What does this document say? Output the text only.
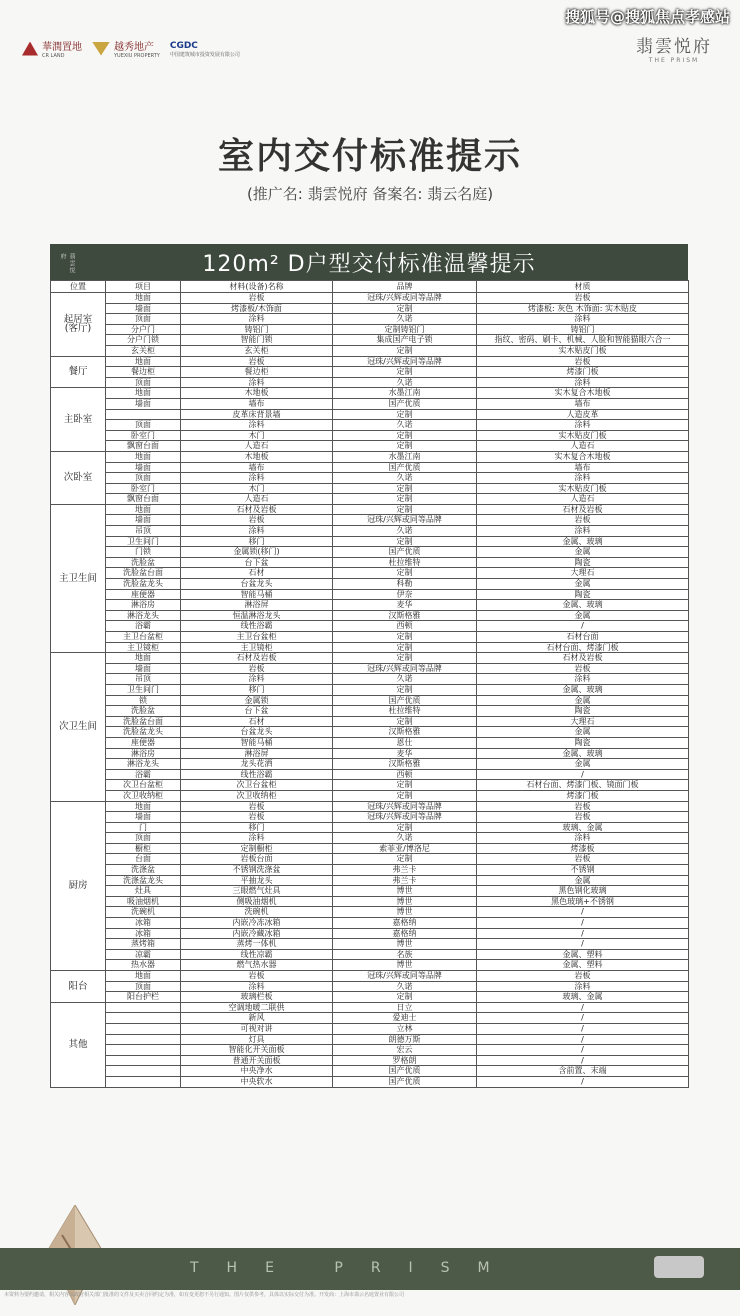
搜狐号@搜狐焦点孝感站
華潤置地
CR LAND
越秀地产
YUEXIU PROPERTY
CGDC
中国建筑城市投资发展有限公司	翡雲悦府
THE PRISM
室内交付标准提示
(推广名: 翡雲悦府 备案名: 翡云名庭)
翡雲悦府	120m² D户型交付标准温馨提示
位置	项目	材料(设备)名称	品牌	材质
起居室
(客厅)	地面	岩板	冠珠/兴辉或同等品牌	岩板
	墙面	烤漆板/木饰面	定制	烤漆板: 灰色 木饰面: 实木贴皮
	顶面	涂料	久诺	涂料
	分户门	铸铝门	定制铸铝门	铸铝门
	分户门锁	智能门锁	集成国产电子锁	指纹、密码、刷卡、机械、人脸和智能猫眼六合一
	玄关柜	玄关柜	定制	实木贴皮门板
餐厅	地面	岩板	冠珠/兴辉或同等品牌	岩板
	餐边柜	餐边柜	定制	烤漆门板
	顶面	涂料	久诺	涂料
主卧室	地面	木地板	水墨江南	实木复合木地板
	墙面	墙布	国产优质	墙布
		皮革床背景墙	定制	人造皮革
	顶面	涂料	久诺	涂料
	卧室门	木门	定制	实木贴皮门板
	飘窗台面	人造石	定制	人造石
次卧室	地面	木地板	水墨江南	实木复合木地板
	墙面	墙布	国产优质	墙布
	顶面	涂料	久诺	涂料
	卧室门	木门	定制	实木贴皮门板
	飘窗台面	人造石	定制	人造石
主卫生间	地面	石材及岩板	定制	石材及岩板
	墙面	岩板	冠珠/兴辉或同等品牌	岩板
	吊顶	涂料	久诺	涂料
	卫生间门	移门	定制	金属、玻璃
	门锁	金属锁(移门)	国产优质	金属
	洗脸盆	台下盆	杜拉维特	陶瓷
	洗脸盆台面	石材	定制	大理石
	洗脸盆龙头	台盆龙头	科勒	金属
	座便器	智能马桶	伊奈	陶瓷
	淋浴房	淋浴屏	麦华	金属、玻璃
	淋浴龙头	恒温淋浴龙头	汉斯格雅	金属
	浴霸	线性浴霸	西顿	/
	主卫台盆柜	主卫台盆柜	定制	石材台面
	主卫镜柜	主卫镜柜	定制	石材台面、烤漆门板
次卫生间	地面	石材及岩板	定制	石材及岩板
	墙面	岩板	冠珠/兴辉或同等品牌	岩板
	吊顶	涂料	久诺	涂料
	卫生间门	移门	定制	金属、玻璃
	锁	金属锁	国产优质	金属
	洗脸盆	台下盆	杜拉维特	陶瓷
	洗脸盆台面	石材	定制	大理石
	洗脸盆龙头	台盆龙头	汉斯格雅	金属
	座便器	智能马桶	恩仕	陶瓷
	淋浴房	淋浴屏	麦华	金属、玻璃
	淋浴龙头	龙头花洒	汉斯格雅	金属
	浴霸	线性浴霸	西顿	/
	次卫台盆柜	次卫台盆柜	定制	石材台面、烤漆门板、镜面门板
	次卫收纳柜	次卫收纳柜	定制	烤漆门板
厨房	地面	岩板	冠珠/兴辉或同等品牌	岩板
	墙面	岩板	冠珠/兴辉或同等品牌	岩板
	门	移门	定制	玻璃、金属
	顶面	涂料	久诺	涂料
	橱柜	定制橱柜	索菲亚/博洛尼	烤漆板
	台面	岩板台面	定制	岩板
	洗涤盆	不锈钢洗涤盆	弗兰卡	不锈钢
	洗涤盆龙头	平抽龙头	弗兰卡	金属
	灶具	三眼燃气灶具	博世	黑色钢化玻璃
	吸油烟机	侧吸油烟机	博世	黑色玻璃+不锈钢
	洗碗机	洗碗机	博世	/
	冰箱	内嵌冷冻冰箱	嘉格纳	/
	冰箱	内嵌冷藏冰箱	嘉格纳	/
	蒸烤箱	蒸烤一体机	博世	/
	凉霸	线性凉霸	名族	金属、塑料
	热水器	燃气热水器	博世	金属、塑料
阳台	地面	岩板	冠珠/兴辉或同等品牌	岩板
	顶面	涂料	久诺	涂料
	阳台护栏	玻璃栏板	定制	玻璃、金属
其他		空调地暖二联供	日立	/
		新风	爱迪士	/
		可视对讲	立林	/
		灯具	朗德万斯	/
		智能化开关面板	宏云	/
		普通开关面板	罗格朗	/
		中央净水	国产优质	含前置、末端
		中央软水	国产优质	/
THE PRISM
本资料为要约邀请，相关内容以政府相关部门批准的文件及买卖合同约定为准，如有变更恕不另行通知。图片仅供参考，具体以实际交付为准。开发商：上海市翡云名庭置业有限公司
